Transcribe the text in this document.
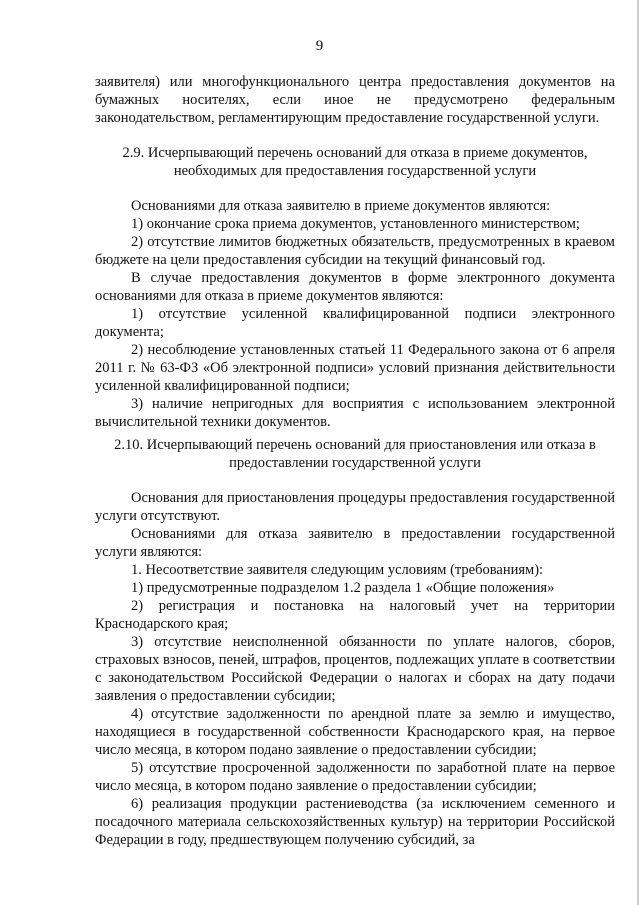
9

заявителя) или многофункционального центра предоставления документов на бумажных носителях, если иное не предусмотрено федеральным законодательством, регламентирующим предоставление государственной услуги.

2.9. Исчерпывающий перечень оснований для отказа в приеме документов, необходимых для предоставления государственной услуги

Основаниями для отказа заявителю в приеме документов являются:

1) окончание срока приема документов, установленного министерством;

2) отсутствие лимитов бюджетных обязательств, предусмотренных в краевом бюджете на цели предоставления субсидии на текущий финансовый год.

В случае предоставления документов в форме электронного документа основаниями для отказа в приеме документов являются:

1) отсутствие усиленной квалифицированной подписи электронного документа;

2) несоблюдение установленных статьей 11 Федерального закона от 6 апреля 2011 г. № 63-ФЗ «Об электронной подписи» условий признания действительности усиленной квалифицированной подписи;

3) наличие непригодных для восприятия с использованием электронной вычислительной техники документов.

2.10. Исчерпывающий перечень оснований для приостановления или отказа в предоставлении государственной услуги

Основания для приостановления процедуры предоставления государственной услуги отсутствуют.

Основаниями для отказа заявителю в предоставлении государственной услуги являются:

1. Несоответствие заявителя следующим условиям (требованиям):

1) предусмотренные подразделом 1.2 раздела 1 «Общие положения»

2) регистрация и постановка на налоговый учет на территории Краснодарского края;

3) отсутствие неисполненной обязанности по уплате налогов, сборов, страховых взносов, пеней, штрафов, процентов, подлежащих уплате в соответствии с законодательством Российской Федерации о налогах и сборах на дату подачи заявления о предоставлении субсидии;

4) отсутствие задолженности по арендной плате за землю и имущество, находящиеся в государственной собственности Краснодарского края, на первое число месяца, в котором подано заявление о предоставлении субсидии;

5) отсутствие просроченной задолженности по заработной плате на первое число месяца, в котором подано заявление о предоставлении субсидии;

6) реализация продукции растениеводства (за исключением семенного и посадочного материала сельскохозяйственных культур) на территории Российской Федерации в году, предшествующем получению субсидий, за
